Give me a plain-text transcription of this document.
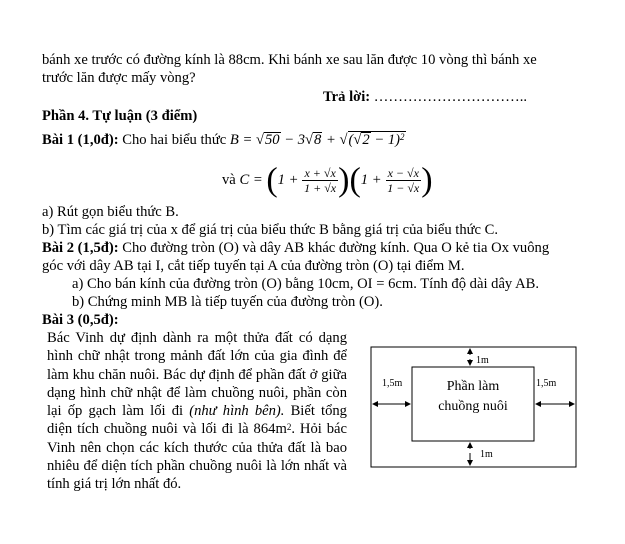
bánh xe trước có đường kính là 88cm. Khi bánh xe sau lăn được 10 vòng thì bánh xe
trước lăn được mấy vòng?
Trả lời: …………………………..
Phần 4. Tự luận (3 điểm)
Bài 1 (1,0đ): Cho hai biểu thức $B = √50 - 3√8 + √(√2 - 1)^2$
và $C = (1 + \frac{x + √x}{1 + √x} )(1 + \frac{x - √x}{1 - √x}$ )
a) Rút gọn biểu thức B.
b) Tìm các giá trị của x để giá trị của biểu thức B bằng giá trị của biểu thức C.
Bài 2 (1,5đ): Cho đường tròn (O) và dây AB khác đường kính. Qua O kẻ tia Ox vuông
góc với dây AB tại I, cắt tiếp tuyến tại A của đường tròn (O) tại điểm M.
a) Cho bán kính của đường tròn (O) bằng 10cm, OI = 6cm. Tính độ dài dây AB.
b) Chứng minh MB là tiếp tuyến của đường tròn (O).
Bài 3 (0,5đ):
Bác Vinh dự định dành ra một thửa đất có dạng hình chữ nhật trong mảnh đất lớn của gia đình để làm khu chăn nuôi. Bác dự định để phần đất ở giữa dạng hình chữ nhật để làm chuồng nuôi, phần còn lại ốp gạch làm lối đi (như hình bên). Biết tổng diện tích chuồng nuôi và lối đi là $864m^2$. Hỏi bác Vinh nên chọn các kích thước của thửa đất là bao nhiêu để diện tích phần chuồng nuôi là lớn nhất và tính giá trị lớn nhất đó.
1m
1m
1,5m	1,5m
Phần làm
chuồng nuôi
